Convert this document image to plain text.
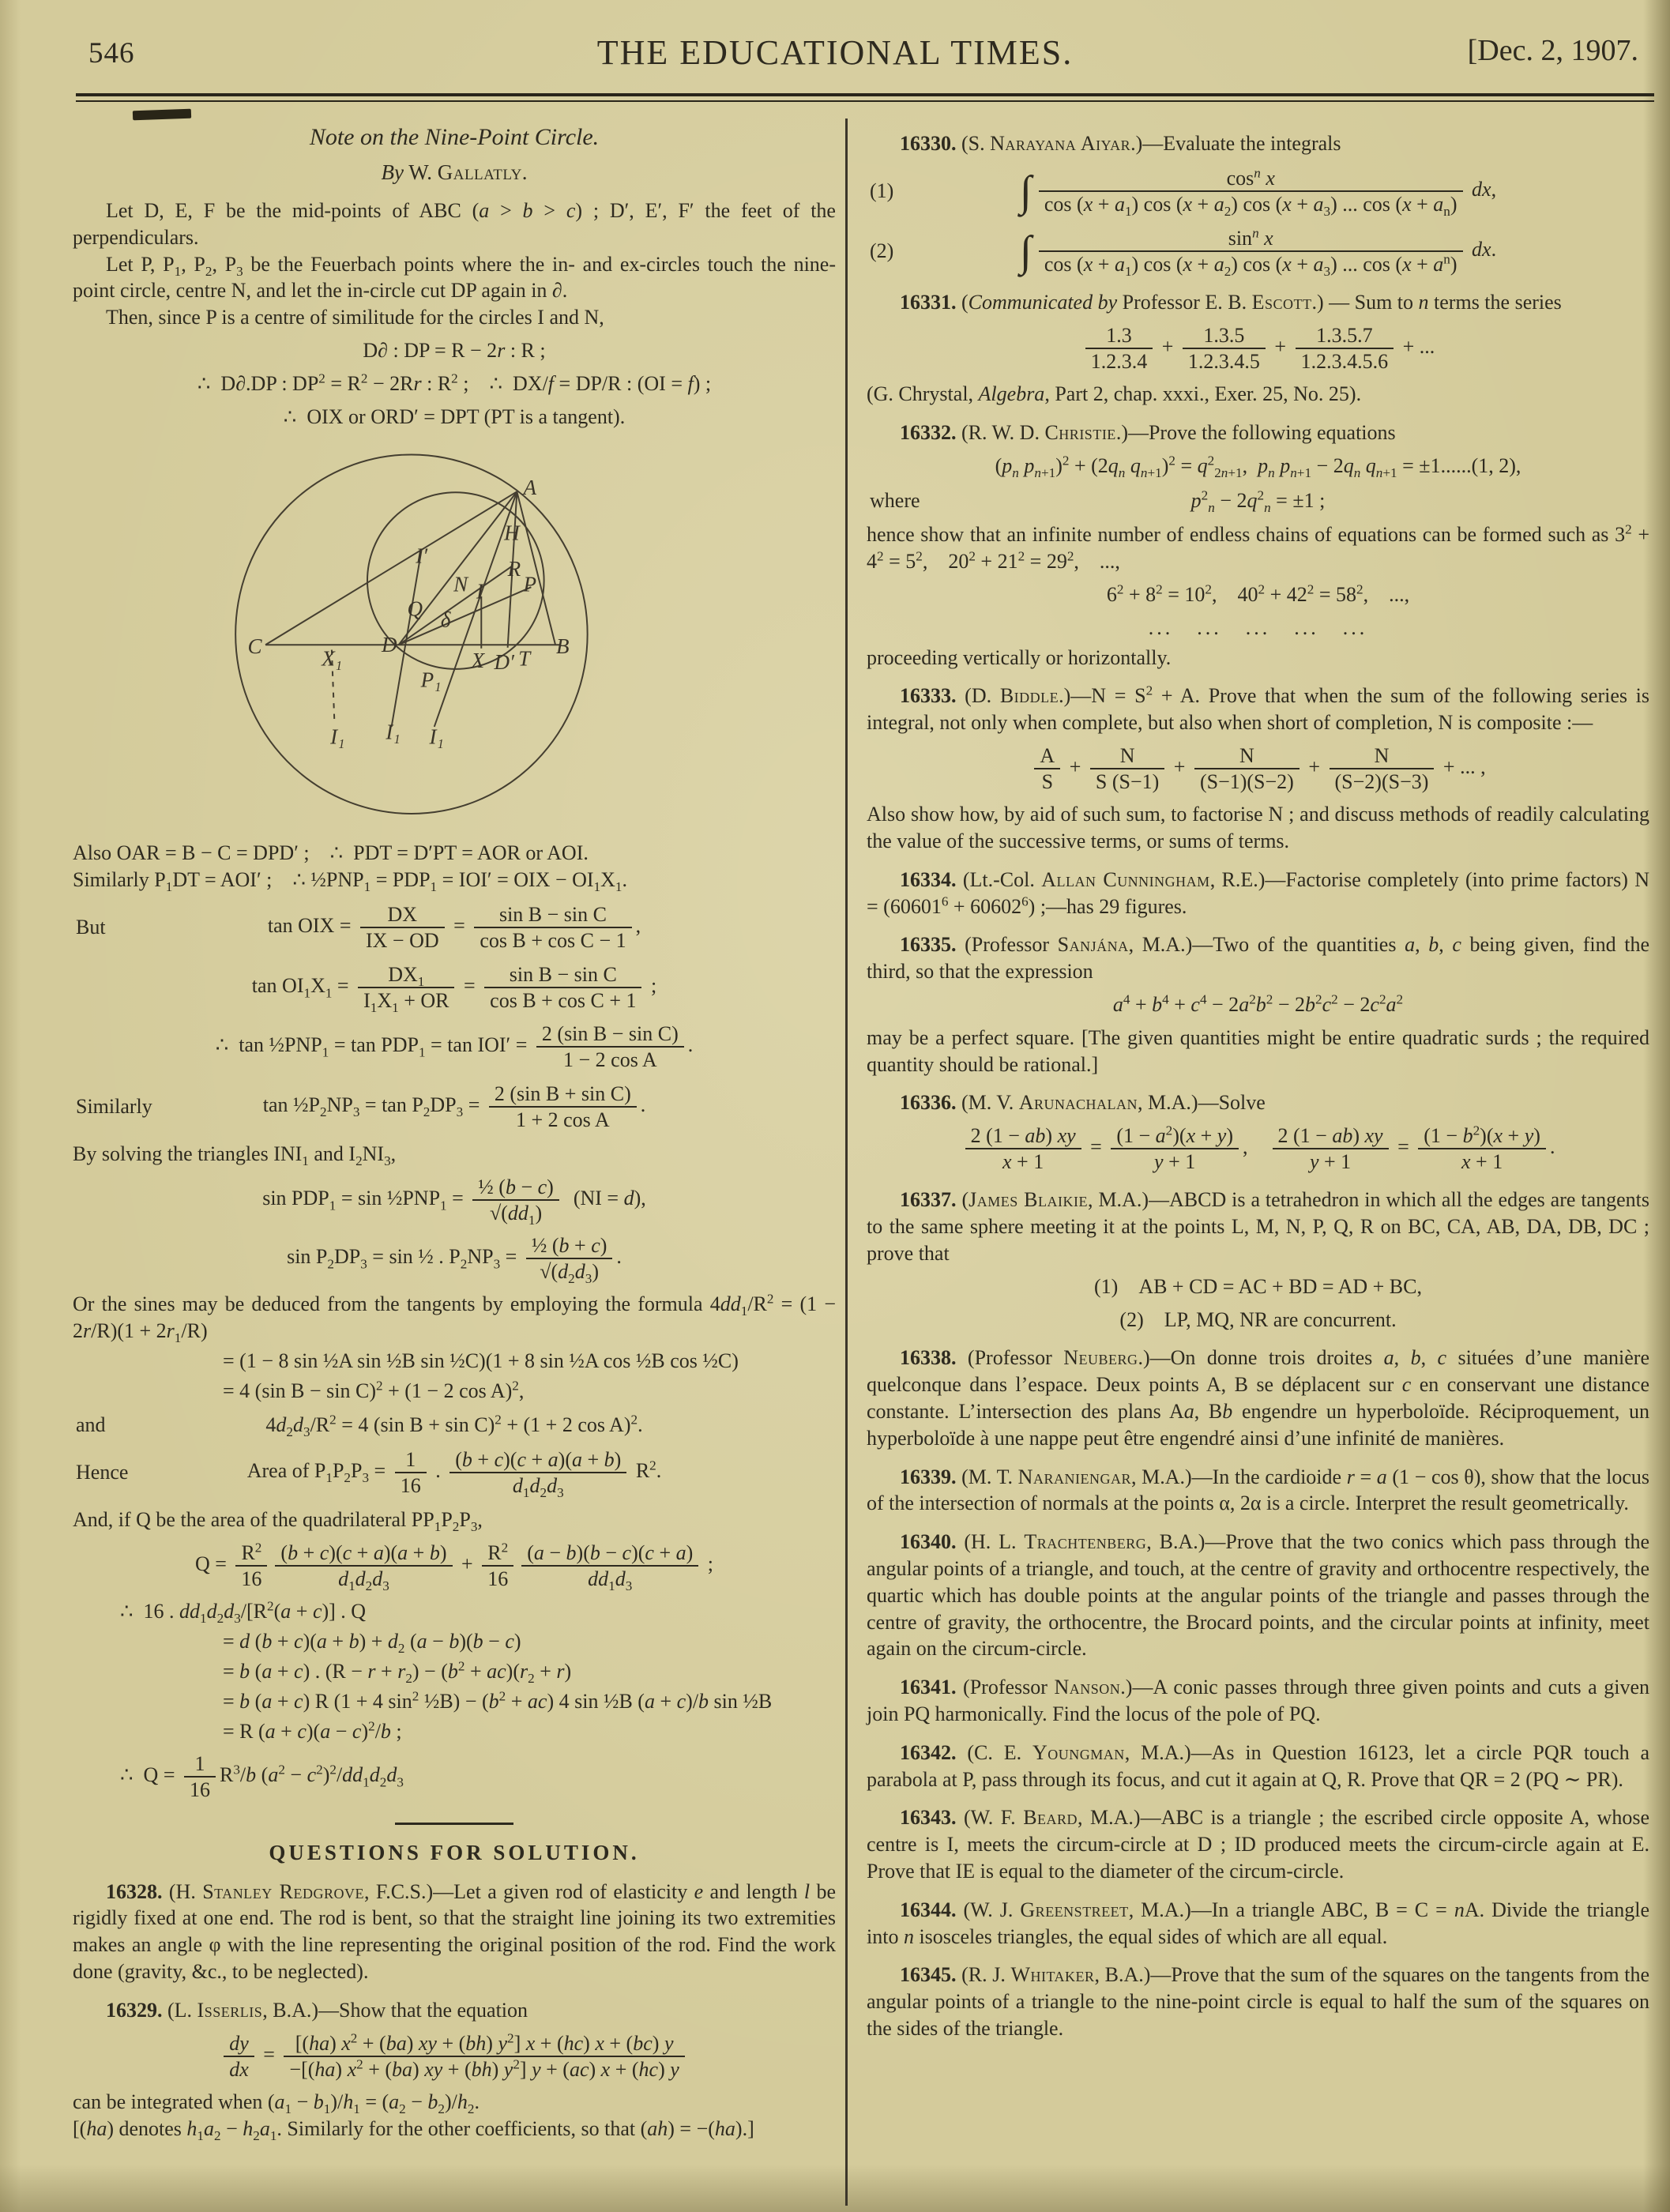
546	THE EDUCATIONAL TIMES.	[Dec. 2, 1907.
Note on the Nine-Point Circle.
By W. Gallatly.
Let D, E, F be the mid-points of ABC (a > b > c) ; D′, E′, F′ the feet of the perpendiculars.
Let P, $P_1$, $P_2$, $P_3$ be the Feuerbach points where the in- and ex-circles touch the nine-point circle, centre N, and let the in-circle cut DP again in ∂.
Then, since P is a centre of similitude for the circles I and N,
D∂ : DP = R − 2r : R ;
∴ D∂.DP : $DP^2 = R^2 - 2Rr$ : $R^2$ ; ∴ DX/f = DP/R : (OI = f) ;
∴ OIX or ORD′ = DPT (PT is a tangent).
A
H
I′
N
R
I P
Q δ
C
X₁
D
X D′ T
B
P₁
I₁ I₁ I₁
Also OAR = B − C = DPD′ ; ∴ PDT = D′PT = AOR or AOI.
Similarly $P_1DT = AOI'$ ; ∴ $\frac{1}{2}PNP_1 = PDP_1 = IOI'$ = OIX − $OI_1X_1$.
But	tan OIX = $\frac{DX}{IX - OD} = \frac{\text{sin B − sin C}}{\text{cos B + cos C − 1}}$ ,
$\tan OI_1X_1 = \frac{DX_1}{I_1X_1 + OR} = \frac{\text{sin B − sin C}}{\text{cos B + cos C + 1}}$ ;
∴ $\tan \frac{1}{2}PNP_1 = \tan PDP_1 = \tan IOI' = \frac{\text{2 (sin B − sin C)}}{\text{1 − 2 cos A}}$ .
Similarly	$\tan \frac{1}{2}P_2NP_3 = \tan P_2DP_3 = \frac{\text{2 (sin B + sin C)}}{\text{1 + 2 cos A}}$ .
By solving the triangles $INI_1$ and $I_2NI_3$,
$\sin PDP_1 = \sin$ $\frac{1}{2}PNP_1 = \frac{\text{½ (b − c)}}{√(dd_1)}$  (NI = d),
$\sin P_2DP_3 = \sin$ ½ . $P_2NP_3 = \frac{\text{½ (b + c)}}{√(d_2d_3)}$ .
Or the sines may be deduced from the tangents by employing the formula $4dd_1/R^2 = (1 - 2r/R)(1 + 2r_1/R)$
= (1 − 8 sin ½A sin ½B sin ½C)(1 + 8 sin ½A cos ½B cos ½C)
= 4 (sin B − sin C)$^2$ + (1 − 2 cos A)$^2$,
and	$4d_2d_3/R^2 = 4$ (sin B + sin C)$^2$ + (1 + 2 cos A)$^2$.
Hence	Area of $P_1P_2P_3 = \frac{1}{16}$ . $\frac{(b + c)(c + a)(a + b)}{d_1d_2d_3} R^2$.
And, if Q be the area of the quadrilateral $PP_1P_2P_3$,
$Q = \frac{R^2}{16} \frac{(b + c)(c + a)(a + b)}{d_1d_2d_3} + \frac{R^2}{16} \frac{(a - b)(b - c)(c + a)}{dd_1d_3}$ ;
∴ 16 . $dd_1d_2d_3/[R^2(a + c)]$ . Q
= d $(b + c)(a + b) + d_2$ (a − b)(b − c)
= b (a + c) . $(R - r + r_2) - (b^2 + ac)(r_2 + r)$
= b (a + c) R (1 + 4 $\sin^2$ ½B) − $(b^2 + ac)$ 4 sin ½B (a + c)/b sin ½B
= R $(a + c)(a - c)^2/b$ ;
∴ $Q = \frac{1}{16} R^3/b$ $(a^2 - c^2)^2/dd_1d_2d_3$
QUESTIONS FOR SOLUTION.
16328. (H. Stanley Redgrove, F.C.S.)—Let a given rod of elasticity e and length l be rigidly fixed at one end. The rod is bent, so that the straight line joining its two extremities makes an angle φ with the line representing the original position of the rod. Find the work done (gravity, &c., to be neglected).
16329. (L. Isserlis, B.A.)—Show that the equation
$\frac{dy}{dx} = \frac{[(ha) x^2 + (ba) xy + (bh) y^2] x + (hc) x + (bc) y}{-[(ha) x^2 + (ba) xy + (bh) y^2] y + (ac) x + (hc) y}$
can be integrated when $(a_1 - b_1)/h_1 = (a_2 - b_2)/h_2$.
[(ha) denotes $h_1a_2 - h_2a_1$. Similarly for the other coefficients, so that (ah) = −(ha).]
16330. (S. Narayana Aiyar.)—Evaluate the integrals
(1)	∫ $\frac{\cos^n x}{\cos (x + a_1) \cos (x + a_2) \cos (x + a_3) ... \cos (x + a_n)}$ dx,
(2)	∫ $\frac{\sin^n x}{\cos (x + a_1) \cos (x + a_2) \cos (x + a_3) ... \cos (x + a^n)}$ dx.
16331. (Communicated by Professor E. B. Escott.) — Sum to n terms the series
$\frac{1.3}{1.2.3.4} + \frac{1.3.5}{1.2.3.4.5} + \frac{1.3.5.7}{1.2.3.4.5.6}$ + ...
(G. Chrystal, Algebra, Part 2, chap. xxxi., Exer. 25, No. 25).
16332. (R. W. D. Christie.)—Prove the following equations
($p_n$ $p_{n+1})^2 + (2q_n$ $q_{n+1})^2 = q^2_{2n+1}$, $p_n$ $p_{n+1} - 2q_n$ $q_{n+1} = \pm 1......(1$, 2),
where	$p^2_n - 2q^2_n = \pm 1$ ;
hence show that an infinite number of endless chains of equations can be formed such as $3^2 + 4^2 = 5^2$, $20^2 + 21^2 = 29^2$, ...,
$6^2 + 8^2 = 10^2$, $40^2 + 42^2 = 58^2$, ...,
... ... ... ... ...
proceeding vertically or horizontally.
16333. (D. Biddle.)—N = $S^2 + A$. Prove that when the sum of the following series is integral, not only when complete, but also when short of completion, N is composite :—
$\frac{A}{S} + \frac{N}{S (S-1)} + \frac{N}{(S-1)(S-2)} + \frac{N}{(S-2)(S-3)}$ + ... ,
Also show how, by aid of such sum, to factorise N ; and discuss methods of readily calculating the value of the successive terms, or sums of terms.
16334. (Lt.-Col. Allan Cunningham, R.E.)—Factorise completely (into prime factors) $N = (60601^6 + 60602^6)$ ;—has 29 figures.
16335. (Professor Sanjána, M.A.)—Two of the quantities a, b, c being given, find the third, so that the expression
$a^4 + b^4 + c^4 - 2a^2b^2 - 2b^2c^2 - 2c^2a^2$
may be a perfect square. [The given quantities might be entire quadratic surds ; the required quantity should be rational.]
16336. (M. V. Arunachalan, M.A.)—Solve
$\frac{2 (1 - ab) xy}{x + 1} = \frac{(1 - a^2)(x + y)}{y + 1}$ ,  $\frac{2 (1 - ab) xy}{y + 1} = \frac{(1 - b^2)(x + y)}{x + 1}$ .
16337. (James Blaikie, M.A.)—ABCD is a tetrahedron in which all the edges are tangents to the same sphere meeting it at the points L, M, N, P, Q, R on BC, CA, AB, DA, DB, DC ; prove that
(1) AB + CD = AC + BD = AD + BC,
(2) LP, MQ, NR are concurrent.
16338. (Professor Neuberg.)—On donne trois droites a, b, c situées d’une manière quelconque dans l’espace. Deux points A, B se déplacent sur c en conservant une distance constante. L’intersection des plans Aa, Bb engendre un hyperboloïde. Réciproquement, un hyperboloïde à une nappe peut être engendré ainsi d’une infinité de manières.
16339. (M. T. Naraniengar, M.A.)—In the cardioide r = a (1 − cos θ), show that the locus of the intersection of normals at the points α, 2α is a circle. Interpret the result geometrically.
16340. (H. L. Trachtenberg, B.A.)—Prove that the two conics which pass through the angular points of a triangle, and touch, at the centre of gravity and orthocentre respectively, the quartic which has double points at the angular points of the triangle and passes through the centre of gravity, the orthocentre, the Brocard points, and the circular points at infinity, meet again on the circum-circle.
16341. (Professor Nanson.)—A conic passes through three given points and cuts a given join PQ harmonically. Find the locus of the pole of PQ.
16342. (C. E. Youngman, M.A.)—As in Question 16123, let a circle PQR touch a parabola at P, pass through its focus, and cut it again at Q, R. Prove that QR = 2 (PQ ∼ PR).
16343. (W. F. Beard, M.A.)—ABC is a triangle ; the escribed circle opposite A, whose centre is I, meets the circum-circle at D ; ID produced meets the circum-circle again at E. Prove that IE is equal to the diameter of the circum-circle.
16344. (W. J. Greenstreet, M.A.)—In a triangle ABC, B = C = nA. Divide the triangle into n isosceles triangles, the equal sides of which are all equal.
16345. (R. J. Whitaker, B.A.)—Prove that the sum of the squares on the tangents from the angular points of a triangle to the nine-point circle is equal to half the sum of the squares on the sides of the triangle.
